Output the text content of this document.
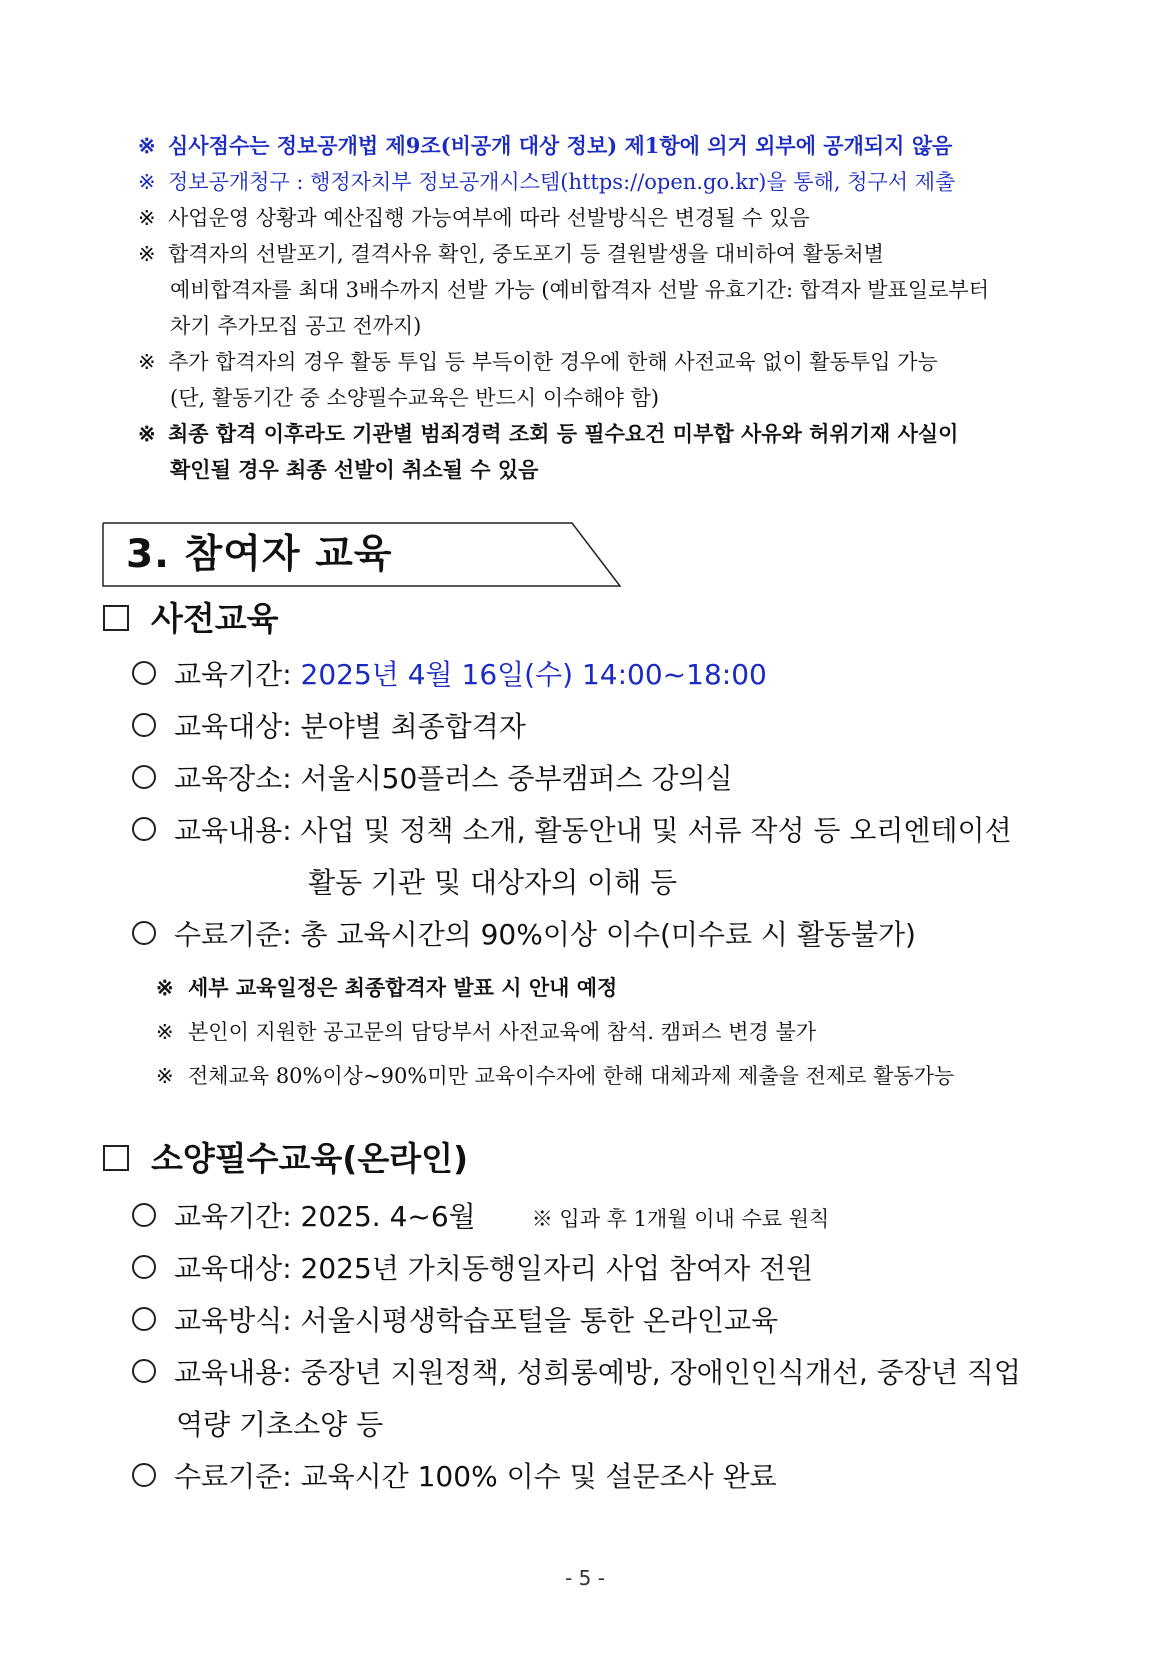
※ 심사점수는 정보공개법 제9조(비공개 대상 정보) 제1항에 의거 외부에 공개되지 않음
※ 정보공개청구 : 행정자치부 정보공개시스템(https://open.go.kr)을 통해, 청구서 제출
※ 사업운영 상황과 예산집행 가능여부에 따라 선발방식은 변경될 수 있음
※ 합격자의 선발포기, 결격사유 확인, 중도포기 등 결원발생을 대비하여 활동처별
예비합격자를 최대 3배수까지 선발 가능 (예비합격자 선발 유효기간: 합격자 발표일로부터
차기 추가모집 공고 전까지)
※ 추가 합격자의 경우 활동 투입 등 부득이한 경우에 한해 사전교육 없이 활동투입 가능
(단, 활동기간 중 소양필수교육은 반드시 이수해야 함)
※ 최종 합격 이후라도 기관별 범죄경력 조회 등 필수요건 미부합 사유와 허위기재 사실이
확인될 경우 최종 선발이 취소될 수 있음
3. 참여자 교육
사전교육
교육기간: 2025년 4월 16일(수) 14:00~18:00
교육대상: 분야별 최종합격자
교육장소: 서울시50플러스 중부캠퍼스 강의실
교육내용: 사업 및 정책 소개, 활동안내 및 서류 작성 등 오리엔테이션
활동 기관 및 대상자의 이해 등
수료기준: 총 교육시간의 90%이상 이수(미수료 시 활동불가)
※ 세부 교육일정은 최종합격자 발표 시 안내 예정
※ 본인이 지원한 공고문의 담당부서 사전교육에 참석. 캠퍼스 변경 불가
※ 전체교육 80%이상~90%미만 교육이수자에 한해 대체과제 제출을 전제로 활동가능
소양필수교육(온라인)
교육기간: 2025. 4~6월	※ 입과 후 1개월 이내 수료 원칙
교육대상: 2025년 가치동행일자리 사업 참여자 전원
교육방식: 서울시평생학습포털을 통한 온라인교육
교육내용: 중장년 지원정책, 성희롱예방, 장애인인식개선, 중장년 직업
역량 기초소양 등
수료기준: 교육시간 100% 이수 및 설문조사 완료
- 5 -
